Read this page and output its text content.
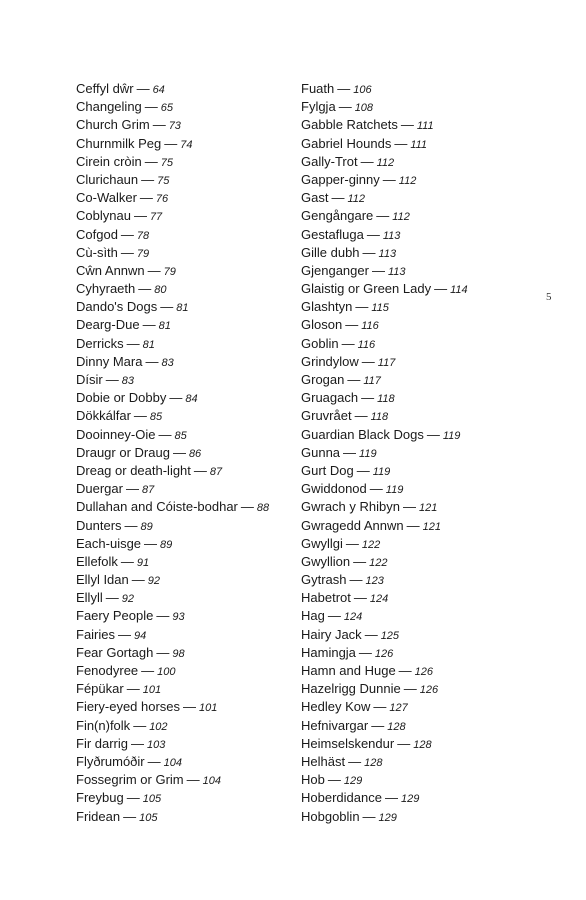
Ceffyl dŵr — 64
Changeling — 65
Church Grim — 73
Churnmilk Peg — 74
Cirein cròin — 75
Clurichaun — 75
Co-Walker — 76
Coblynau — 77
Cofgod — 78
Cù-sìth — 79
Cŵn Annwn — 79
Cyhyraeth — 80
Dando's Dogs — 81
Dearg-Due — 81
Derricks — 81
Dinny Mara — 83
Dísir — 83
Dobie or Dobby — 84
Dökkálfar — 85
Dooinney-Oie — 85
Draugr or Draug — 86
Dreag or death-light — 87
Duergar — 87
Dullahan and Cóiste-bodhar — 88
Dunters — 89
Each-uisge — 89
Ellefolk — 91
Ellyl Idan — 92
Ellyll — 92
Faery People — 93
Fairies — 94
Fear Gortagh — 98
Fenodyree — 100
Fépükar — 101
Fiery-eyed horses — 101
Fin(n)folk — 102
Fir darrig — 103
Flyðrumóðir — 104
Fossegrim or Grim — 104
Freybug — 105
Fridean — 105
Fuath — 106
Fylgja — 108
Gabble Ratchets — 111
Gabriel Hounds — 111
Gally-Trot — 112
Gapper-ginny — 112
Gast — 112
Gengångare — 112
Gestafluga — 113
Gille dubh — 113
Gjenganger — 113
Glaistig or Green Lady — 114
Glashtyn — 115
Gloson — 116
Goblin — 116
Grindylow — 117
Grogan — 117
Gruagach — 118
Gruvrået — 118
Guardian Black Dogs — 119
Gunna — 119
Gurt Dog — 119
Gwiddonod — 119
Gwrach y Rhibyn — 121
Gwragedd Annwn — 121
Gwyllgi — 122
Gwyllion — 122
Gytrash — 123
Habetrot — 124
Hag — 124
Hairy Jack — 125
Hamingja — 126
Hamn and Huge — 126
Hazelrigg Dunnie — 126
Hedley Kow — 127
Hefnivargar — 128
Heimselskendur — 128
Helhäst — 128
Hob — 129
Hoberdidance — 129
Hobgoblin — 129
5
